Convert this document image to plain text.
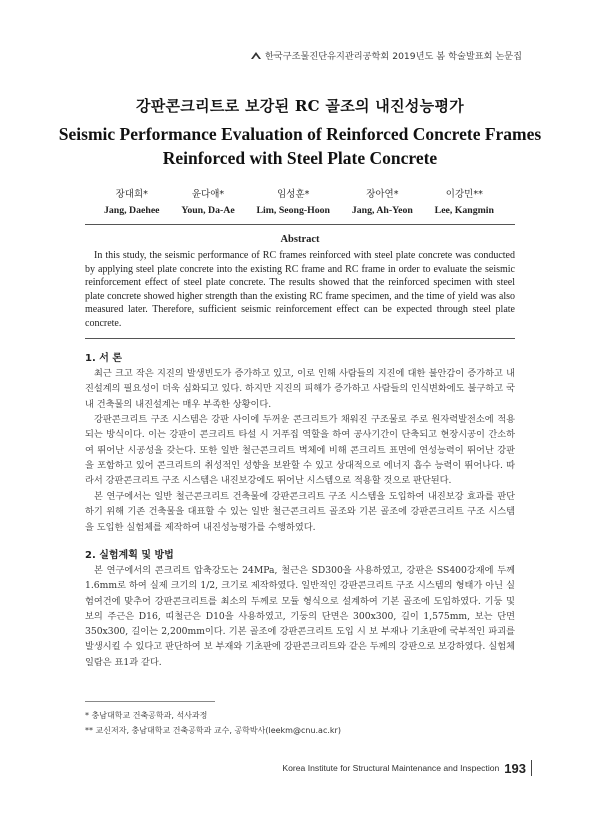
한국구조물진단유지관리공학회 2019년도 봄 학술발표회 논문집
강판콘크리트로 보강된 RC 골조의 내진성능평가
Seismic Performance Evaluation of Reinforced Concrete Frames
Reinforced with Steel Plate Concrete
장대희*
Jang, Daehee
윤다애*
Youn, Da-Ae
임성훈*
Lim, Seong-Hoon
장아연*
Jang, Ah-Yeon
이강민**
Lee, Kangmin
Abstract

In this study, the seismic performance of RC frames reinforced with steel plate concrete was conducted by applying steel plate concrete into the existing RC frame and RC frame in order to evaluate the seismic reinforcement effect of steel plate concrete. The results showed that the reinforced specimen with steel plate concrete showed higher strength than the existing RC frame specimen, and the time of yield was also measured later. Therefore, sufficient seismic reinforcement effect can be expected through steel plate concrete.

1. 서 론

최근 크고 작은 지진의 발생빈도가 증가하고 있고, 이로 인해 사람들의 지진에 대한 불안감이 증가하고 내진설계의 필요성이 더욱 심화되고 있다. 하지만 지진의 피해가 증가하고 사람들의 인식변화에도 불구하고 국내 건축물의 내진설계는 매우 부족한 상황이다.

강판콘크리트 구조 시스템은 강판 사이에 두꺼운 콘크리트가 채워진 구조물로 주로 원자력발전소에 적용되는 방식이다. 이는 강판이 콘크리트 타설 시 거푸집 역할을 하여 공사기간이 단축되고 현장시공이 간소하여 뛰어난 시공성을 갖는다. 또한 일반 철근콘크리트 벽체에 비해 콘크리트 표면에 연성능력이 뛰어난 강판을 포함하고 있어 콘크리트의 취성적인 성향을 보완할 수 있고 상대적으로 에너지 흡수 능력이 뛰어나다. 따라서 강판콘크리트 구조 시스템은 내진보강에도 뛰어난 시스템으로 적용할 것으로 판단된다.

본 연구에서는 일반 철근콘크리트 건축물에 강판콘크리트 구조 시스템을 도입하여 내진보강 효과를 판단하기 위해 기존 건축물을 대표할 수 있는 일반 철근콘크리트 골조와 기본 골조에 강판콘크리트 구조 시스템을 도입한 실험체를 제작하여 내진성능평가를 수행하였다.

2. 실험계획 및 방법

본 연구에서의 콘크리트 압축강도는 24MPa, 철근은 SD300을 사용하였고, 강판은 SS400강재에 두께 1.6mm로 하여 실제 크기의 1/2, 크기로 제작하였다. 일반적인 강판콘크리트 구조 시스템의 형태가 아닌 실험여건에 맞추어 강판콘크리트를 최소의 두께로 모듈 형식으로 설계하여 기본 골조에 도입하였다. 기둥 및 보의 주근은 D16, 띠철근은 D10을 사용하였고, 기둥의 단면은 300x300, 길이 1,575mm, 보는 단면 350x300, 길이는 2,200mm이다. 기본 골조에 강판콘크리트 도입 시 보 부재나 기초판에 국부적인 파괴를 발생시킬 수 있다고 판단하여 보 부재와 기초판에 강판콘크리트와 같은 두께의 강판으로 보강하였다. 실험체 일람은 표1과 같다.

* 충남대학교 건축공학과, 석사과정
** 교신저자, 충남대학교 건축공학과 교수, 공학박사(leekm@cnu.ac.kr)
Korea Institute for Structural Maintenance and Inspection 193
